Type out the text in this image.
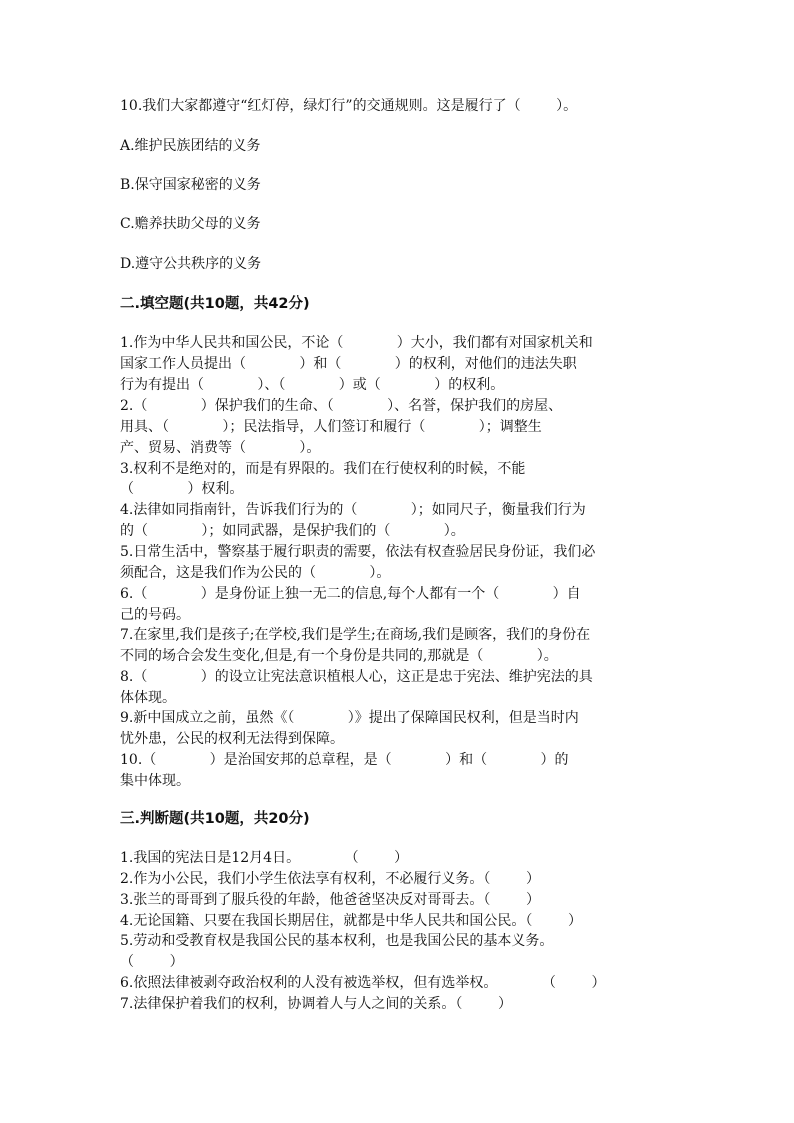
10.我们大家都遵守“红灯停，绿灯行”的交通规则。这是履行了（        ）。

A.维护民族团结的义务

B.保守国家秘密的义务

C.赡养扶助父母的义务

D.遵守公共秩序的义务

二.填空题(共10题，共42分)

1.作为中华人民共和国公民，不论（            ）大小，我们都有对国家机关和

国家工作人员提出（            ）和（            ）的权利，对他们的违法失职

行为有提出（            ）、（            ）或（            ）的权利。

2.（            ）保护我们的生命、（            ）、名誉，保护我们的房屋、

用具、（            ）；民法指导，人们签订和履行（            ）；调整生

产、贸易、消费等（            ）。

3.权利不是绝对的，而是有界限的。我们在行使权利的时候，不能

（            ）权利。

4.法律如同指南针，告诉我们行为的（            ）；如同尺子，衡量我们行为

的（            ）；如同武器，是保护我们的（            ）。

5.日常生活中，警察基于履行职责的需要，依法有权查验居民身份证，我们必

须配合，这是我们作为公民的（            ）。

6.（            ）是身份证上独一无二的信息,每个人都有一个（            ）自

己的号码。

7.在家里,我们是孩子;在学校,我们是学生;在商场,我们是顾客，我们的身份在

不同的场合会发生变化,但是,有一个身份是共同的,那就是（            ）。

8.（            ）的设立让宪法意识植根人心，这正是忠于宪法、维护宪法的具

体体现。

9.新中国成立之前，虽然《（            ）》提出了保障国民权利，但是当时内

忧外患，公民的权利无法得到保障。

10.（            ）是治国安邦的总章程，是（            ）和（            ）的

集中体现。

三.判断题(共10题，共20分)

1.我国的宪法日是12月4日。          （        ）

2.作为小公民，我们小学生依法享有权利，不必履行义务。（        ）

3.张兰的哥哥到了服兵役的年龄，他爸爸坚决反对哥哥去。（        ）

4.无论国籍、只要在我国长期居住，就都是中华人民共和国公民。（        ）

5.劳动和受教育权是我国公民的基本权利，也是我国公民的基本义务。

（        ）

6.依照法律被剥夺政治权利的人没有被选举权，但有选举权。          （        ）

7.法律保护着我们的权利，协调着人与人之间的关系。（        ）
